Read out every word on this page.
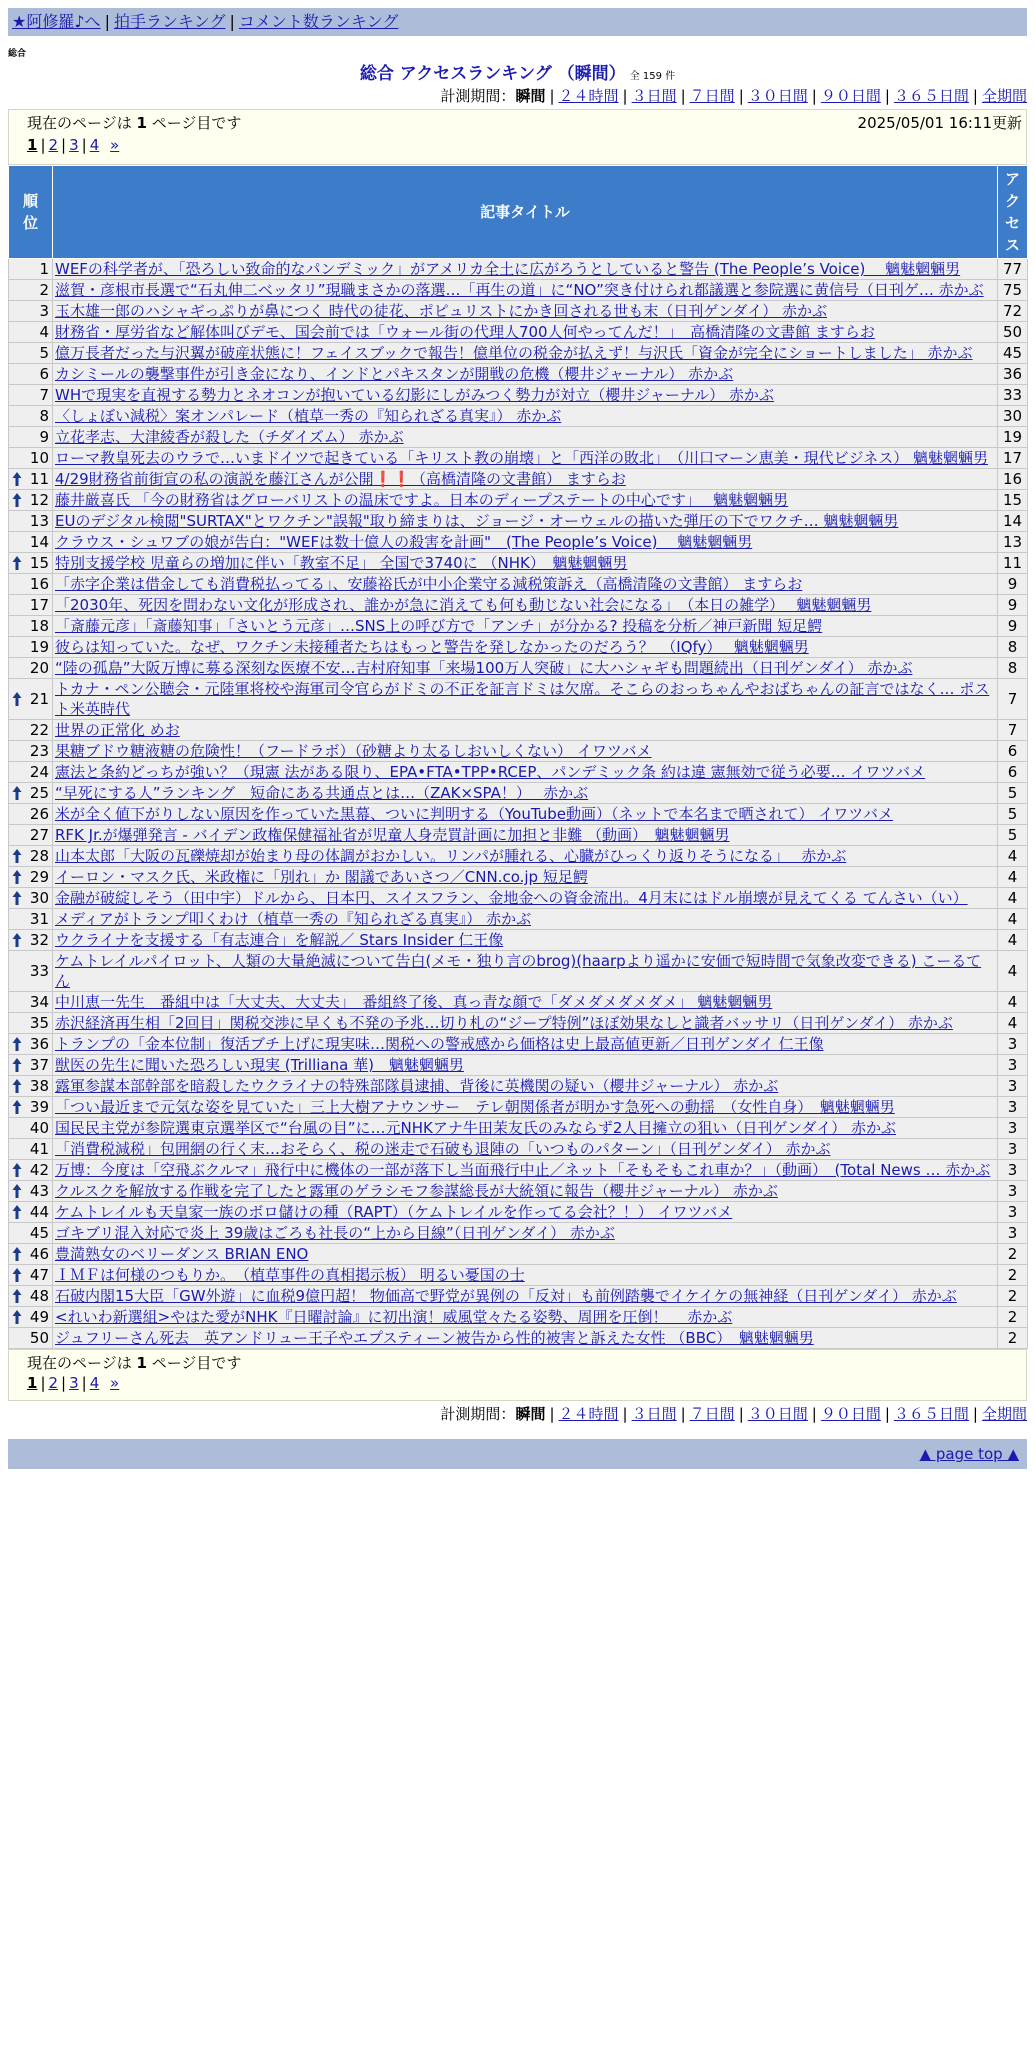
★阿修羅♪へ | 拍手ランキング | コメント数ランキング
総合
総合 アクセスランキング （瞬間） 全 159 件
計測期間：瞬間 | ２４時間 | ３日間 | ７日間 | ３０日間 | ９０日間 | ３６５日間 | 全期間
現在のページは 1 ページ目です	2025/05/01 16:11更新
1 | 2 | 3 | 4 »
順位	記事タイトル	アクセス
1	WEFの科学者が、「恐ろしい致命的なパンデミック」がアメリカ全土に広がろうとしていると警告 (The People’s Voice)　 魑魅魍魎男	77
2	滋賀・彦根市長選で“石丸伸二ベッタリ”現職まさかの落選…「再生の道」に“NO”突き付けられ都議選と参院選に黄信号（日刊ゲ… 赤かぶ	75
3	玉木雄一郎のハシャギっぷりが鼻につく 時代の徒花、ポピュリストにかき回される世も末（日刊ゲンダイ） 赤かぶ	72
4	財務省・厚労省など解体叫びデモ、国会前では「ウォール街の代理人700人何やってんだ！」　高橋清隆の文書館 ますらお	50
5	億万長者だった与沢翼が破産状態に！フェイスブックで報告！億単位の税金が払えず！与沢氏「資金が完全にショートしました」 赤かぶ	45
6	カシミールの襲撃事件が引き金になり、インドとパキスタンが開戦の危機（櫻井ジャーナル） 赤かぶ	36
7	WHで現実を直視する勢力とネオコンが抱いている幻影にしがみつく勢力が対立（櫻井ジャーナル） 赤かぶ	33
8	〈しょぼい減税〉案オンパレード（植草一秀の『知られざる真実』） 赤かぶ	30
9	立花孝志、大津綾香が殺した（チダイズム） 赤かぶ	19
10	ローマ教皇死去のウラで…いまドイツで起きている「キリスト教の崩壊」と「西洋の敗北」　（川口マーン恵美・現代ビジネス） 魑魅魍魎男	17

11	4/29財務省前街宣の私の演説を藤江さんが公開❗❗（高橋清隆の文書館） ますらお	16

12	藤井厳喜氏 「今の財務省はグローバリストの温床ですよ。日本のディープステートの中心です」　 魑魅魍魎男	15
13	EUのデジタル検閲"SURTAX"とワクチン"誤報"取り締まりは、ジョージ・オーウェルの描いた弾圧の下でワクチ… 魑魅魍魎男	14
14	クラウス・シュワブの娘が告白："WEFは数十億人の殺害を計画"　(The People’s Voice)　 魑魅魍魎男	13

15	特別支援学校 児童らの増加に伴い「教室不足」 全国で3740に （NHK）　魑魅魍魎男	11
16	「赤字企業は借金しても消費税払ってる」、安藤裕氏が中小企業守る減税策訴え（高橋清隆の文書館） ますらお	9
17	「2030年、死因を問わない文化が形成され、誰かが急に消えても何も動じない社会になる」　（本日の雑学）　 魑魅魍魎男	9
18	「斎藤元彦」「斎藤知事」「さいとう元彦」…SNS上の呼び方で「アンチ」が分かる? 投稿を分析／神戸新聞 短足鰐	9
19	彼らは知っていた。なぜ、ワクチン未接種者たちはもっと警告を発しなかったのだろう？　（IQfy）　 魑魅魍魎男	8
20	“陸の孤島”大阪万博に募る深刻な医療不安…吉村府知事「来場100万人突破」に大ハシャギも問題続出（日刊ゲンダイ） 赤かぶ	8

21	トカナ・ペン公聴会・元陸軍将校や海軍司令官らがドミの不正を証言ドミは欠席。そこらのおっちゃんやおばちゃんの証言ではなく… ポスト米英時代	7
22	世界の正常化 めお	7
23	果糖ブドウ糖液糖の危険性！（フードラボ）（砂糖より太るしおいしくない） イワツバメ	6
24	憲法と条約どっちが強い？（現憲 法がある限り、EPA•FTA•TPP•RCEP、パンデミック条 約は違 憲無効で従う必要… イワツバメ	6

25	“早死にする人”ランキング　短命にある共通点とは…（ZAK×SPA！）　 赤かぶ	5
26	米が全く値下がりしない原因を作っていた黒幕、ついに判明する（YouTube動画）（ネットで本名まで晒されて） イワツバメ	5
27	RFK Jr.が爆弾発言 - バイデン政権保健福祉省が児童人身売買計画に加担と非難 （動画）　魑魅魍魎男	5

28	山本太郎「大阪の瓦礫焼却が始まり母の体調がおかしい。リンパが腫れる、心臓がひっくり返りそうになる」　 赤かぶ	4

29	イーロン・マスク氏、米政権に「別れ」か 閣議であいさつ／CNN.co.jp 短足鰐	4

30	金融が破綻しそう（田中宇）ドルから、日本円、スイスフラン、金地金への資金流出。4月末にはドル崩壊が見えてくる てんさい（い）	4
31	メディアがトランプ叩くわけ（植草一秀の『知られざる真実』） 赤かぶ	4

32	ウクライナを支援する「有志連合」を解説／ Stars Insider 仁王像	4
33	ケムトレイルパイロット、人類の大量絶滅について告白(メモ・独り言のbrog)(haarpより遥かに安価で短時間で気象改変できる) こーるてん	4
34	中川恵一先生　番組中は「大丈夫、大丈夫」　番組終了後、真っ青な顔で「ダメダメダメダメ」 魑魅魍魎男	4
35	赤沢経済再生相「2回目」関税交渉に早くも不発の予兆…切り札の“ジープ特例”ほぼ効果なしと識者バッサリ（日刊ゲンダイ） 赤かぶ	4

36	トランプの「金本位制」復活ブチ上げに現実味…関税への警戒感から価格は史上最高値更新／日刊ゲンダイ 仁王像	3

37	獣医の先生に聞いた恐ろしい現実 (Trilliana 華)　魑魅魍魎男	3

38	露軍参謀本部幹部を暗殺したウクライナの特殊部隊員逮捕、背後に英機関の疑い（櫻井ジャーナル） 赤かぶ	3

39	「つい最近まで元気な姿を見ていた」三上大樹アナウンサー　テレ朝関係者が明かす急死への動揺　（女性自身）　魑魅魍魎男	3
40	国民民主党が参院選東京選挙区で“台風の目”に…元NHKアナ牛田茉友氏のみならず2人目擁立の狙い（日刊ゲンダイ） 赤かぶ	3
41	「消費税減税」包囲網の行く末…おそらく、税の迷走で石破も退陣の「いつものパターン」（日刊ゲンダイ） 赤かぶ	3

42	万博：今度は「空飛ぶクルマ」飛行中に機体の一部が落下し当面飛行中止／ネット「そもそもこれ車か？」（動画）　(Total News … 赤かぶ	3

43	クルスクを解放する作戦を完了したと露軍のゲラシモフ参謀総長が大統領に報告（櫻井ジャーナル） 赤かぶ	3

44	ケムトレイルも天皇家一族のボロ儲けの種（RAPT）（ケムトレイルを作ってる会社？！） イワツバメ	3
45	ゴキブリ混入対応で炎上 39歳はごろも社長の“上から目線”（日刊ゲンダイ） 赤かぶ	3

46	豊満熟女のベリーダンス BRIAN ENO	2

47	ＩＭＦは何様のつもりか。　（植草事件の真相掲示板） 明るい憂国の士	2

48	石破内閣15大臣「GW外遊」に血税9億円超！ 物価高で野党が異例の「反対」も前例踏襲でイケイケの無神経（日刊ゲンダイ） 赤かぶ	2

49	<れいわ新選組>やはた愛がNHK『日曜討論』に初出演！威風堂々たる姿勢、周囲を圧倒！　 赤かぶ	2
50	ジュフリーさん死去　英アンドリュー王子やエプスティーン被告から性的被害と訴えた女性 （BBC）　魑魅魍魎男	2
現在のページは 1 ページ目です
1 | 2 | 3 | 4 »
計測期間：瞬間 | ２４時間 | ３日間 | ７日間 | ３０日間 | ９０日間 | ３６５日間 | 全期間
▲ page top ▲
